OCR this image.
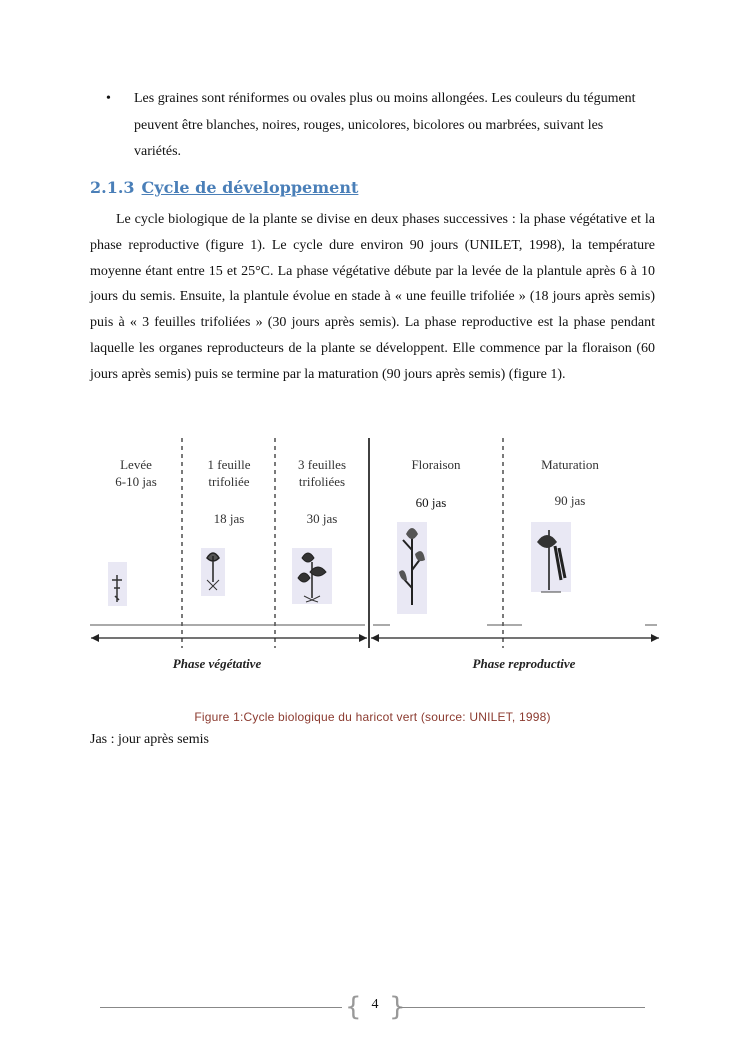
• Les graines sont réniformes ou ovales plus ou moins allongées. Les couleurs du tégument peuvent être blanches, noires, rouges, unicolores, bicolores ou marbrées, suivant les variétés.
2.1.3 Cycle de développement
Le cycle biologique de la plante se divise en deux phases successives : la phase végétative et la phase reproductive (figure 1). Le cycle dure environ 90 jours (UNILET, 1998), la température moyenne étant entre 15 et 25°C. La phase végétative débute par la levée de la plantule après 6 à 10 jours du semis. Ensuite, la plantule évolue en stade à « une feuille trifoliée » (18 jours après semis) puis à « 3 feuilles trifoliées » (30 jours après semis). La phase reproductive est la phase pendant laquelle les organes reproducteurs de la plante se développent. Elle commence par la floraison (60 jours après semis) puis se termine par la maturation (90 jours après semis) (figure 1).
Levée
6-10 jas
1 feuille
trifoliée
18 jas
3 feuilles
trifoliées
30 jas
Floraison
60 jas
Maturation
90 jas
Phase végétative	Phase reproductive
Figure 1:Cycle biologique du haricot vert (source: UNILET, 1998)
Jas : jour après semis
{ 4 }
